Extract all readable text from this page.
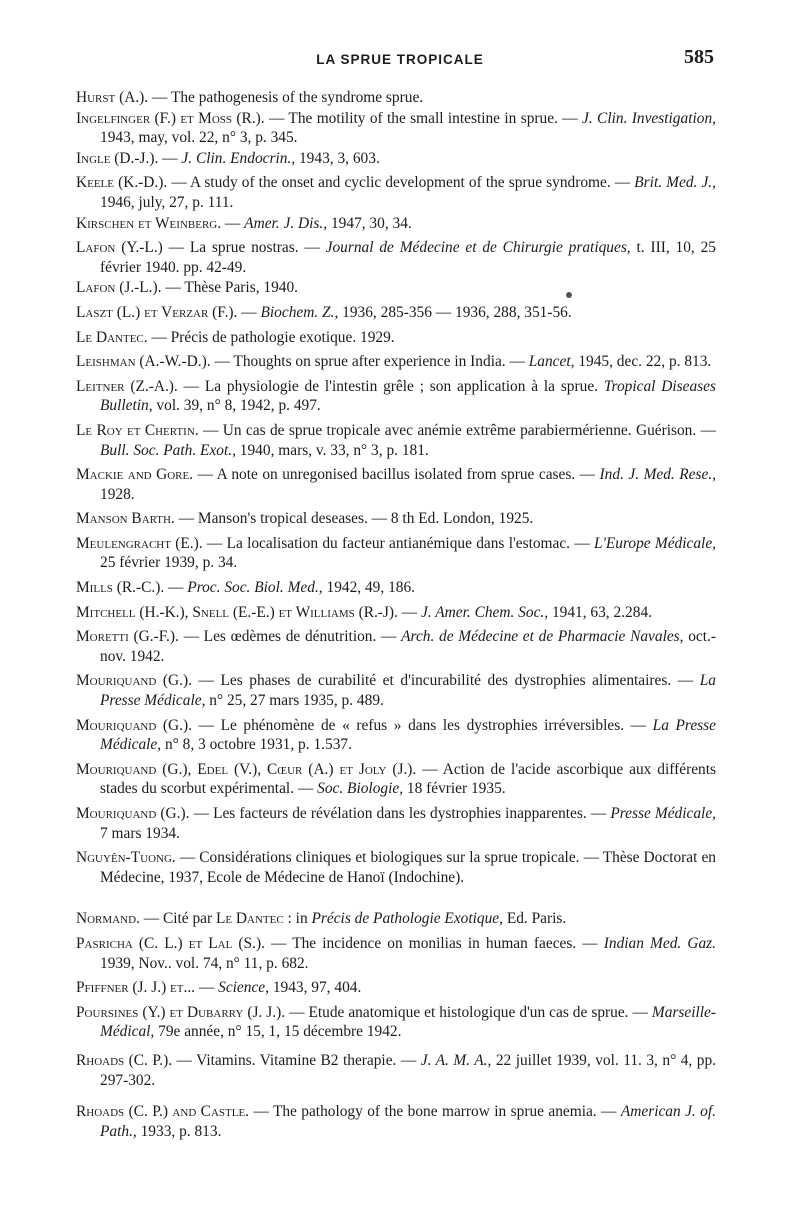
LA SPRUE TROPICALE	585

Hurst (A.). — The pathogenesis of the syndrome sprue.

Ingelfinger (F.) et Moss (R.). — The motility of the small intestine in sprue. — J. Clin. Investigation, 1943, may, vol. 22, n° 3, p. 345.

Ingle (D.-J.). — J. Clin. Endocrin., 1943, 3, 603.

Keele (K.-D.). — A study of the onset and cyclic development of the sprue syndrome. — Brit. Med. J., 1946, july, 27, p. 111.

Kirschen et Weinberg. — Amer. J. Dis., 1947, 30, 34.

Lafon (Y.-L.) — La sprue nostras. — Journal de Médecine et de Chirurgie pratiques, t. III, 10, 25 février 1940. pp. 42-49.

Lafon (J.-L.). — Thèse Paris, 1940.

Laszt (L.) et Verzar (F.). — Biochem. Z., 1936, 285-356 — 1936, 288, 351-56.

Le Dantec. — Précis de pathologie exotique. 1929.

Leishman (A.-W.-D.). — Thoughts on sprue after experience in India. — Lancet, 1945, dec. 22, p. 813.

Leitner (Z.-A.). — La physiologie de l'intestin grêle ; son application à la sprue. Tropical Diseases Bulletin, vol. 39, n° 8, 1942, p. 497.

Le Roy et Chertin. — Un cas de sprue tropicale avec anémie extrême parabiermérienne. Guérison. — Bull. Soc. Path. Exot., 1940, mars, v. 33, n° 3, p. 181.

Mackie and Gore. — A note on unregonised bacillus isolated from sprue cases. — Ind. J. Med. Rese., 1928.

Manson Barth. — Manson's tropical deseases. — 8 th Ed. London, 1925.

Meulengracht (E.). — La localisation du facteur antianémique dans l'estomac. — L'Europe Médicale, 25 février 1939, p. 34.

Mills (R.-C.). — Proc. Soc. Biol. Med., 1942, 49, 186.

Mitchell (H.-K.), Snell (E.-E.) et Williams (R.-J). — J. Amer. Chem. Soc., 1941, 63, 2.284.

Moretti (G.-F.). — Les œdèmes de dénutrition. — Arch. de Médecine et de Pharmacie Navales, oct.-nov. 1942.

Mouriquand (G.). — Les phases de curabilité et d'incurabilité des dystrophies alimentaires. — La Presse Médicale, n° 25, 27 mars 1935, p. 489.

Mouriquand (G.). — Le phénomène de « refus » dans les dystrophies irréversibles. — La Presse Médicale, n° 8, 3 octobre 1931, p. 1.537.

Mouriquand (G.), Edel (V.), Cœur (A.) et Joly (J.). — Action de l'acide ascorbique aux différents stades du scorbut expérimental. — Soc. Biologie, 18 février 1935.

Mouriquand (G.). — Les facteurs de révélation dans les dystrophies inapparentes. — Presse Médicale, 7 mars 1934.

Nguyên-Tuong. — Considérations cliniques et biologiques sur la sprue tropicale. — Thèse Doctorat en Médecine, 1937, Ecole de Médecine de Hanoï (Indochine).

Normand. — Cité par Le Dantec : in Précis de Pathologie Exotique, Ed. Paris.

Pasricha (C. L.) et Lal (S.). — The incidence on monilias in human faeces. — Indian Med. Gaz. 1939, Nov.. vol. 74, n° 11, p. 682.

Pfiffner (J. J.) et... — Science, 1943, 97, 404.

Poursines (Y.) et Dubarry (J. J.). — Etude anatomique et histologique d'un cas de sprue. — Marseille-Médical, 79e année, n° 15, 1, 15 décembre 1942.

Rhoads (C. P.). — Vitamins. Vitamine B2 therapie. — J. A. M. A., 22 juillet 1939, vol. 11. 3, n° 4, pp. 297-302.

Rhoads (C. P.) and Castle. — The pathology of the bone marrow in sprue anemia. — American J. of. Path., 1933, p. 813.
